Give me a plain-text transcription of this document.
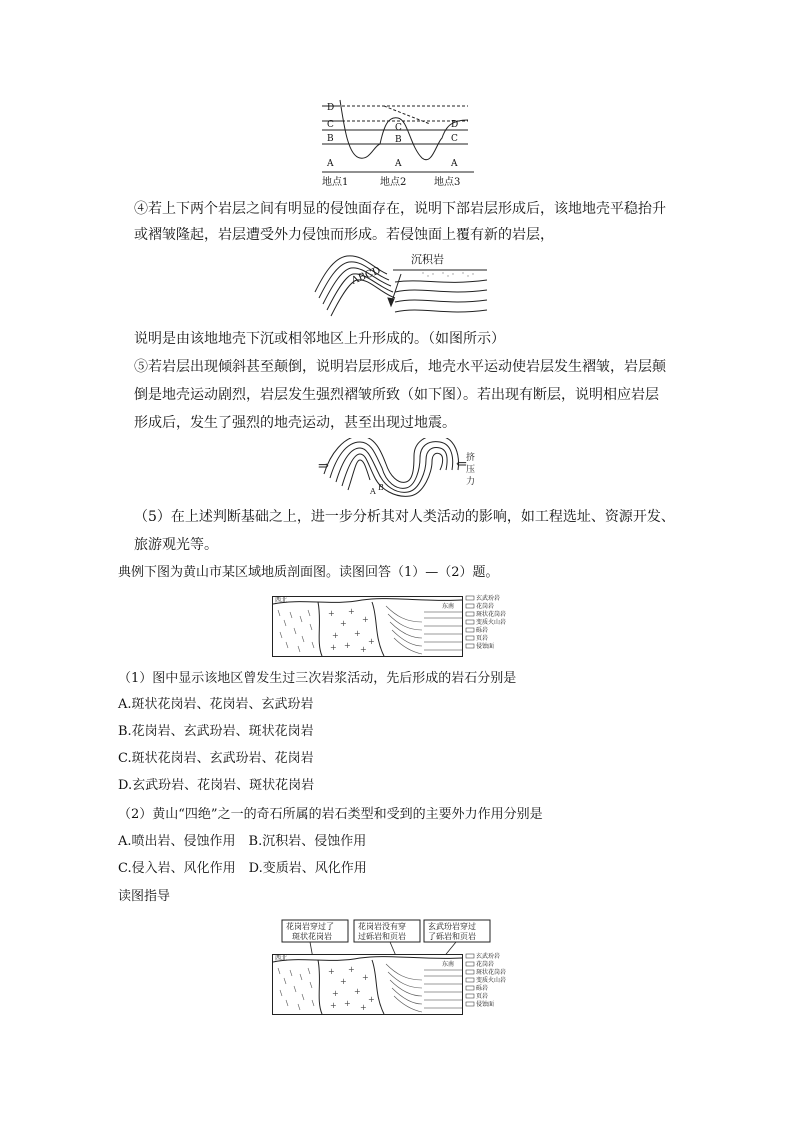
D
C
B
A
C
B
A
D
C
A
地点1	地点2	地点3
④若上下两个岩层之间有明显的侵蚀面存在，说明下部岩层形成后，该地地壳平稳抬升
或褶皱隆起，岩层遭受外力侵蚀而形成。若侵蚀面上覆有新的岩层，
沉积岩
ABCD
说明是由该地地壳下沉或相邻地区上升形成的。（如图所示）
⑤若岩层出现倾斜甚至颠倒，说明岩层形成后，地壳水平运动使岩层发生褶皱，岩层颠
倒是地壳运动剧烈，岩层发生强烈褶皱所致（如下图）。若出现有断层，说明相应岩层
形成后，发生了强烈的地壳运动，甚至出现过地震。
⇒	⇐ 挤
压
力
A B
（5）在上述判断基础之上，进一步分析其对人类活动的影响，如工程选址、资源开发、
旅游观光等。
典例下图为黄山市某区域地质剖面图。读图回答（1）—（2）题。
+
+
+
+
+
+
+
+
+
+
西北
东南
玄武玢岩
花岗岩
斑状花岗岩
变质火山岩
砾岩
页岩
侵蚀面
（1）图中显示该地区曾发生过三次岩浆活动，先后形成的岩石分别是
A.斑状花岗岩、花岗岩、玄武玢岩
B.花岗岩、玄武玢岩、斑状花岗岩
C.斑状花岗岩、玄武玢岩、花岗岩
D.玄武玢岩、花岗岩、斑状花岗岩
（2）黄山“四绝”之一的奇石所属的岩石类型和受到的主要外力作用分别是
A.喷出岩、侵蚀作用　B.沉积岩、侵蚀作用
C.侵入岩、风化作用　D.变质岩、风化作用
读图指导
花岗岩穿过了
斑状花岗岩
花岗岩没有穿
过砾岩和页岩
玄武玢岩穿过
了砾岩和页岩
+
+
+
+
+
+
+
+
+
+
西北
东南
玄武玢岩
花岗岩
斑状花岗岩
变质火山岩
砾岩
页岩
侵蚀面
